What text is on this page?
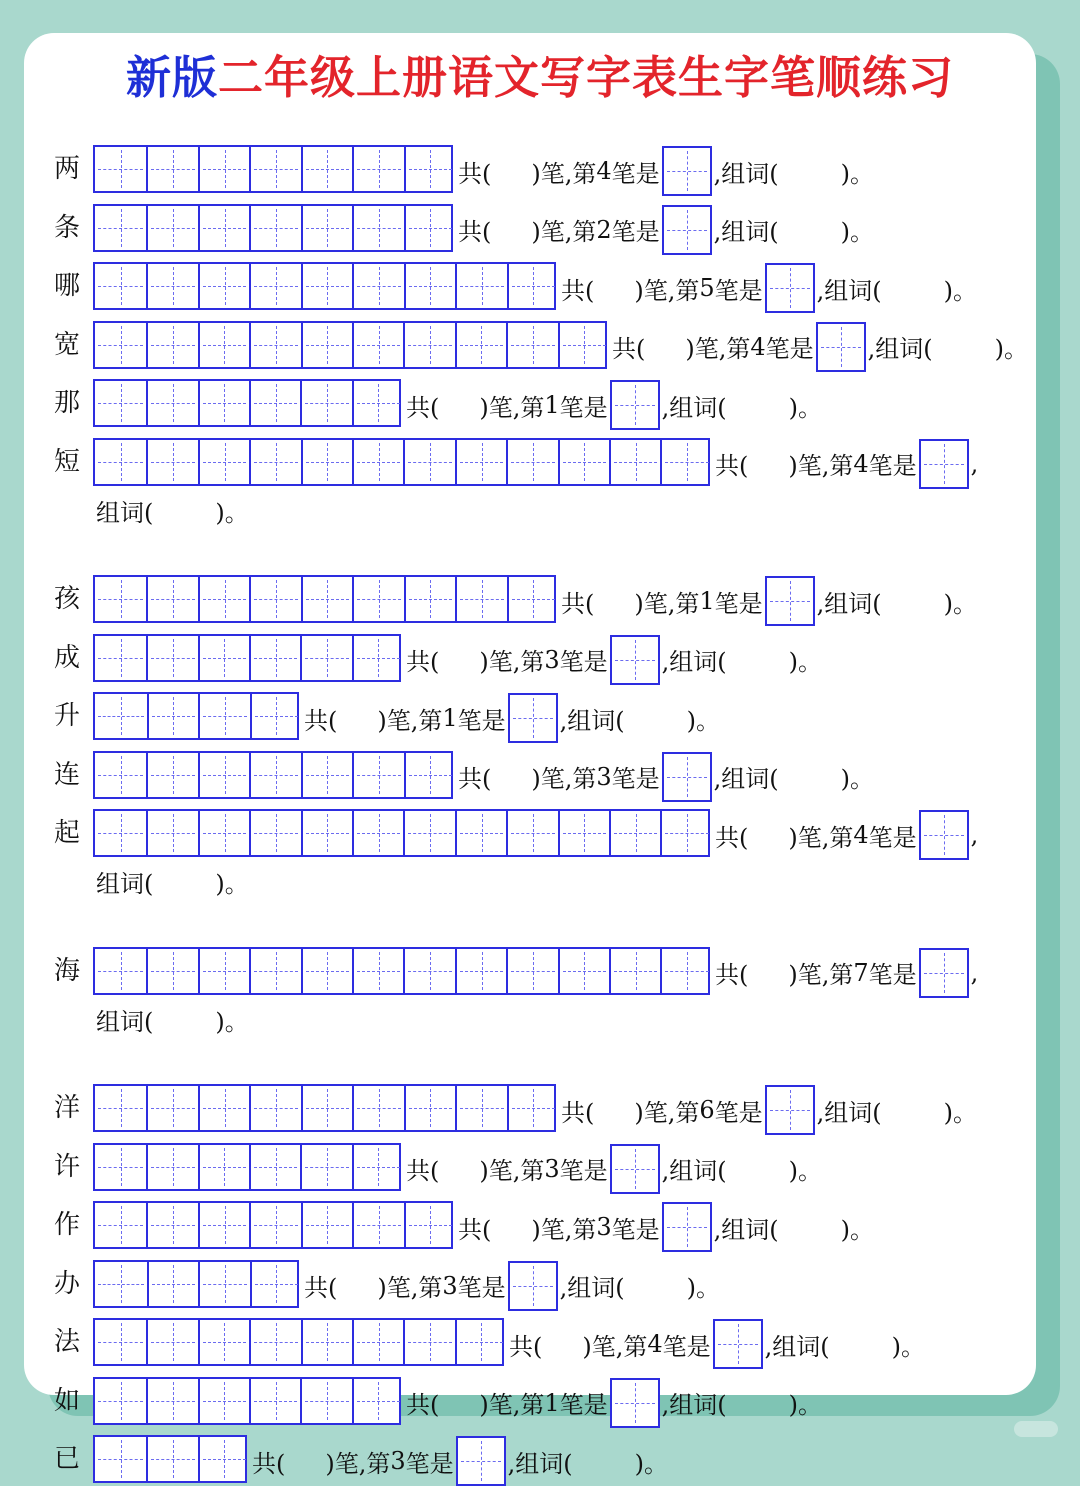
新版二年级上册语文写字表生字笔顺练习
两	共( )笔, 第 4 笔是 ,组词(	)。
条	共( )笔, 第 2 笔是 ,组词(	)。
哪	共( )笔, 第 5 笔是 ,组词(	)。
宽	共( )笔, 第 4 笔是 ,组词(	)。
那	共( )笔, 第 1 笔是 ,组词(	)。
短	共( )笔, 第 4 笔是 ,
组词(	)。
孩	共( )笔, 第 1 笔是 ,组词(	)。
成	共( )笔, 第 3 笔是 ,组词(	)。
升	共( )笔, 第 1 笔是 ,组词(	)。
连	共( )笔, 第 3 笔是 ,组词(	)。
起	共( )笔, 第 4 笔是 ,
组词(	)。
海	共( )笔, 第 7 笔是 ,
组词(	)。
洋	共( )笔, 第 6 笔是 ,组词(	)。
许	共( )笔, 第 3 笔是 ,组词(	)。
作	共( )笔, 第 3 笔是 ,组词(	)。
办	共( )笔, 第 3 笔是 ,组词(	)。
法	共( )笔, 第 4 笔是 ,组词(	)。
如	共( )笔, 第 1 笔是 ,组词(	)。
已	共( )笔, 第 3 笔是 ,组词(	)。
